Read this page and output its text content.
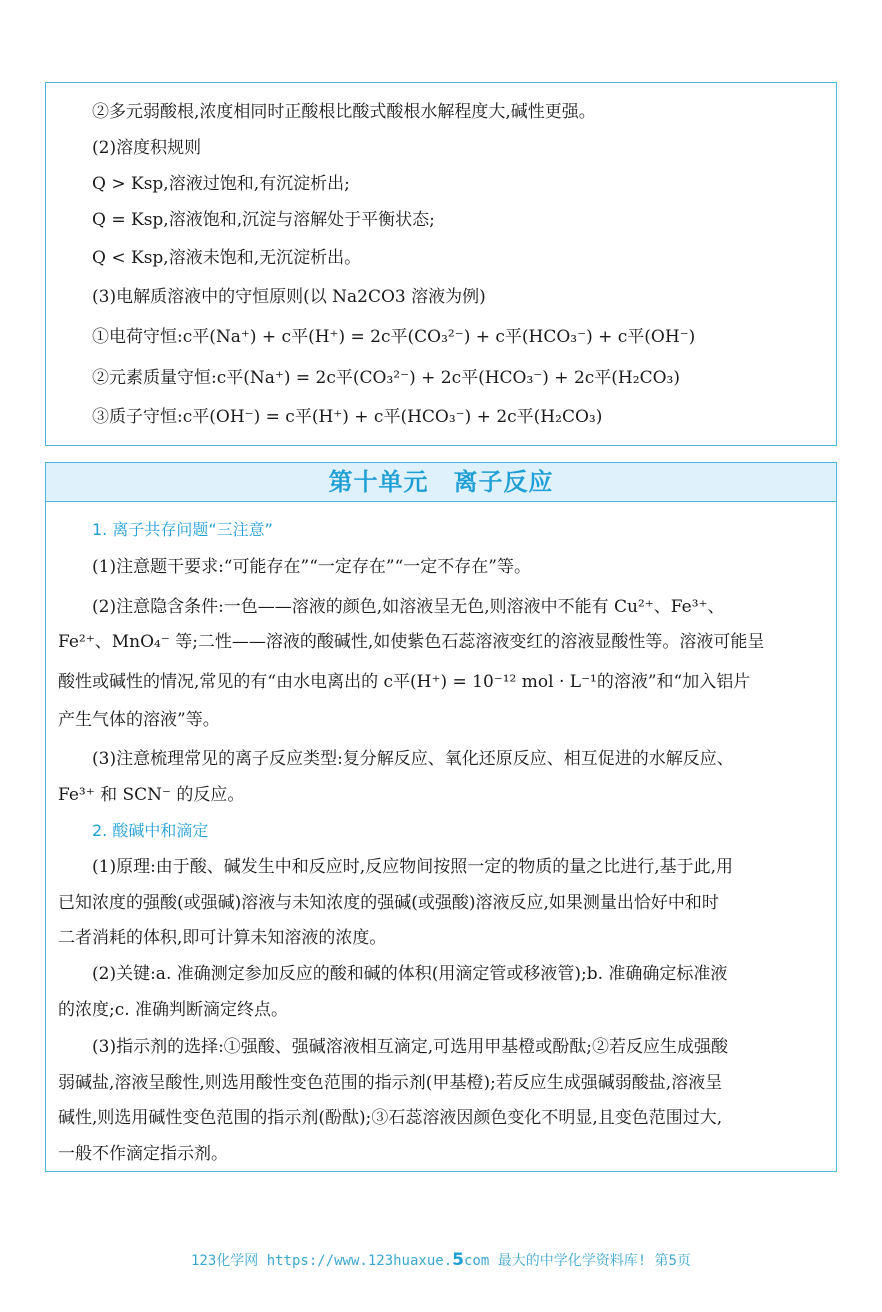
②多元弱酸根,浓度相同时正酸根比酸式酸根水解程度大,碱性更强。
(2)溶度积规则
Q > Ksp,溶液过饱和,有沉淀析出;
Q = Ksp,溶液饱和,沉淀与溶解处于平衡状态;
Q < Ksp,溶液未饱和,无沉淀析出。
(3)电解质溶液中的守恒原则(以 Na2CO3 溶液为例)
①电荷守恒:c平(Na⁺) + c平(H⁺) = 2c平(CO₃²⁻) + c平(HCO₃⁻) + c平(OH⁻)
②元素质量守恒:c平(Na⁺) = 2c平(CO₃²⁻) + 2c平(HCO₃⁻) + 2c平(H₂CO₃)
③质子守恒:c平(OH⁻) = c平(H⁺) + c平(HCO₃⁻) + 2c平(H₂CO₃)
第十单元　离子反应
1. 离子共存问题“三注意”
(1)注意题干要求:“可能存在”“一定存在”“一定不存在”等。
(2)注意隐含条件:一色——溶液的颜色,如溶液呈无色,则溶液中不能有 Cu²⁺、Fe³⁺、
Fe²⁺、MnO₄⁻ 等;二性——溶液的酸碱性,如使紫色石蕊溶液变红的溶液显酸性等。溶液可能呈
酸性或碱性的情况,常见的有“由水电离出的 c平(H⁺) = 10⁻¹² mol · L⁻¹的溶液”和“加入铝片
产生气体的溶液”等。
(3)注意梳理常见的离子反应类型:复分解反应、氧化还原反应、相互促进的水解反应、
Fe³⁺ 和 SCN⁻ 的反应。
2. 酸碱中和滴定
(1)原理:由于酸、碱发生中和反应时,反应物间按照一定的物质的量之比进行,基于此,用
已知浓度的强酸(或强碱)溶液与未知浓度的强碱(或强酸)溶液反应,如果测量出恰好中和时
二者消耗的体积,即可计算未知溶液的浓度。
(2)关键:a. 准确测定参加反应的酸和碱的体积(用滴定管或移液管);b. 准确确定标准液
的浓度;c. 准确判断滴定终点。
(3)指示剂的选择:①强酸、强碱溶液相互滴定,可选用甲基橙或酚酞;②若反应生成强酸
弱碱盐,溶液呈酸性,则选用酸性变色范围的指示剂(甲基橙);若反应生成强碱弱酸盐,溶液呈
碱性,则选用碱性变色范围的指示剂(酚酞);③石蕊溶液因颜色变化不明显,且变色范围过大,
一般不作滴定指示剂。
123化学网 https://www.123huaxue.5com 最大的中学化学资料库! 第5页
